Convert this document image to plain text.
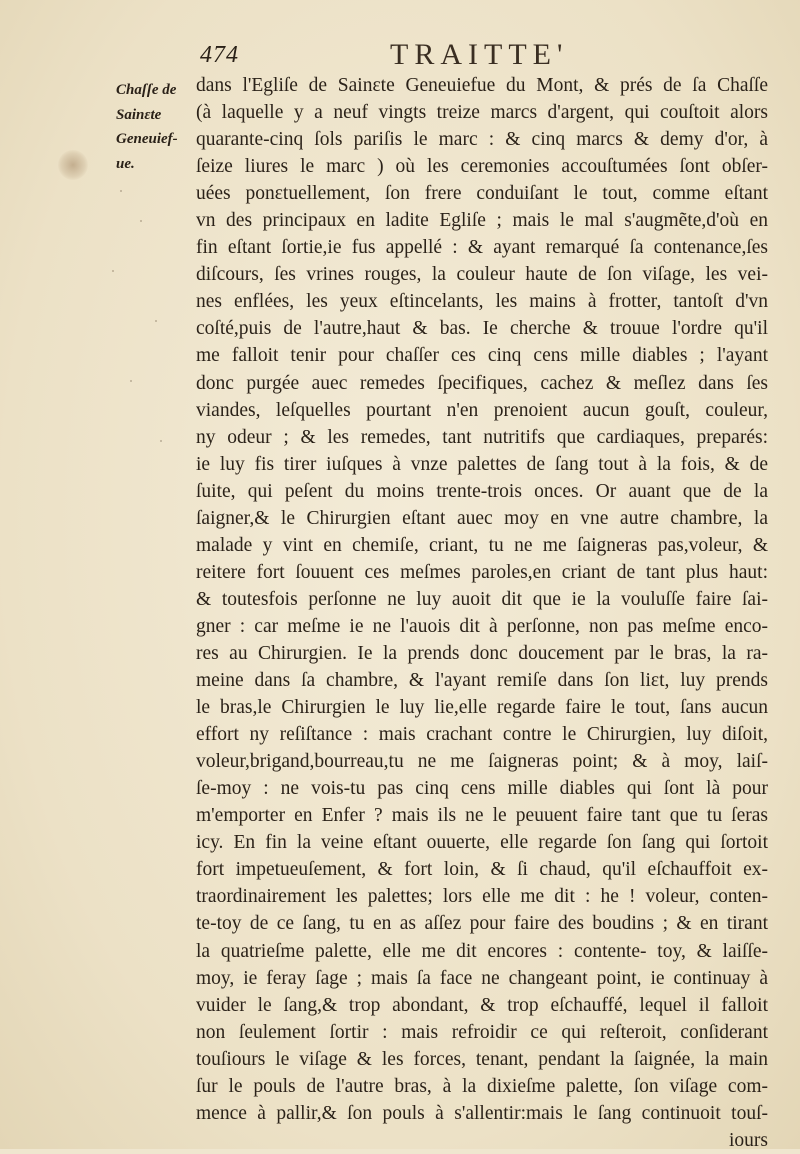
474	TRAITTE'
Chaſſe de
Sainɛte
Geneuief-
ue.
dans l'Egliſe de Sainɛte Geneuiefue du Mont, & prés de ſa Chaſſe
(à laquelle y a neuf vingts treize marcs d'argent, qui couſtoit alors
quarante-cinq ſols pariſis le marc : & cinq marcs & demy d'or, à
ſeize liures le marc ) où les ceremonies accouſtumées ſont obſer-
uées ponɛtuellement, ſon frere conduiſant le tout, comme eſtant
vn des principaux en ladite Egliſe ; mais le mal s'augmẽte,d'où en
fin eſtant ſortie,ie fus appellé : & ayant remarqué ſa contenance,ſes
diſcours, ſes vrines rouges, la couleur haute de ſon viſage, les vei-
nes enflées, les yeux eſtincelants, les mains à frotter, tantoſt d'vn
coſté,puis de l'autre,haut & bas. Ie cherche & trouue l'ordre qu'il
me falloit tenir pour chaſſer ces cinq cens mille diables ; l'ayant
donc purgée auec remedes ſpecifiques, cachez & meſlez dans ſes
viandes, leſquelles pourtant n'en prenoient aucun gouſt, couleur,
ny odeur ; & les remedes, tant nutritifs que cardiaques, preparés:
ie luy fis tirer iuſques à vnze palettes de ſang tout à la fois, & de
ſuite, qui peſent du moins trente-trois onces. Or auant que de la
ſaigner,& le Chirurgien eſtant auec moy en vne autre chambre, la
malade y vint en chemiſe, criant, tu ne me ſaigneras pas,voleur, &
reitere fort ſouuent ces meſmes paroles,en criant de tant plus haut:
& toutesfois perſonne ne luy auoit dit que ie la vouluſſe faire ſai-
gner : car meſme ie ne l'auois dit à perſonne, non pas meſme enco-
res au Chirurgien. Ie la prends donc doucement par le bras, la ra-
meine dans ſa chambre, & l'ayant remiſe dans ſon liɛt, luy prends
le bras,le Chirurgien le luy lie,elle regarde faire le tout, ſans aucun
effort ny reſiſtance : mais crachant contre le Chirurgien, luy diſoit,
voleur,brigand,bourreau,tu ne me ſaigneras point; & à moy, laiſ-
ſe-moy : ne vois-tu pas cinq cens mille diables qui ſont là pour
m'emporter en Enfer ? mais ils ne le peuuent faire tant que tu ſeras
icy. En fin la veine eſtant ouuerte, elle regarde ſon ſang qui ſortoit
fort impetueuſement, & fort loin, & ſi chaud, qu'il eſchauffoit ex-
traordinairement les palettes; lors elle me dit : he ! voleur, conten-
te-toy de ce ſang, tu en as aſſez pour faire des boudins ; & en tirant
la quatrieſme palette, elle me dit encores : contente- toy, & laiſſe-
moy, ie feray ſage ; mais ſa face ne changeant point, ie continuay à
vuider le ſang,& trop abondant, & trop eſchauffé, lequel il falloit
non ſeulement ſortir : mais refroidir ce qui reſteroit, conſiderant
touſiours le viſage & les forces, tenant, pendant la ſaignée, la main
ſur le pouls de l'autre bras, à la dixieſme palette, ſon viſage com-
mence à pallir,& ſon pouls à s'allentir:mais le ſang continuoit touſ-
iours
